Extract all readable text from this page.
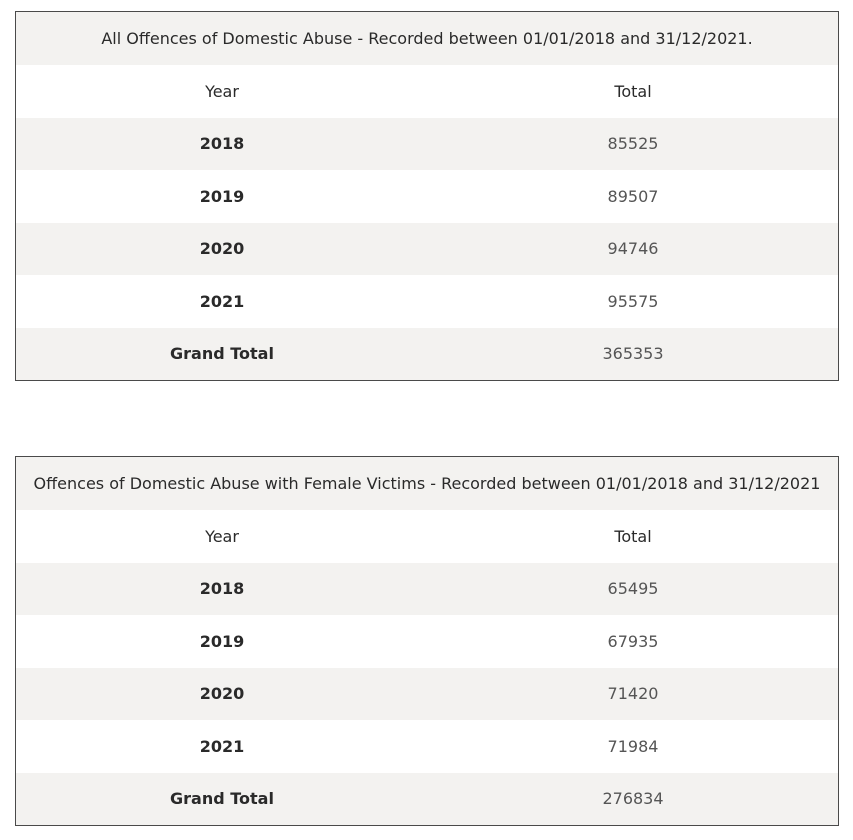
All Offences of Domestic Abuse - Recorded between 01/01/2018 and 31/12/2021.
Year	Total
2018	85525
2019	89507
2020	94746
2021	95575
Grand Total	365353
Offences of Domestic Abuse with Female Victims - Recorded between 01/01/2018 and 31/12/2021
Year	Total
2018	65495
2019	67935
2020	71420
2021	71984
Grand Total	276834
